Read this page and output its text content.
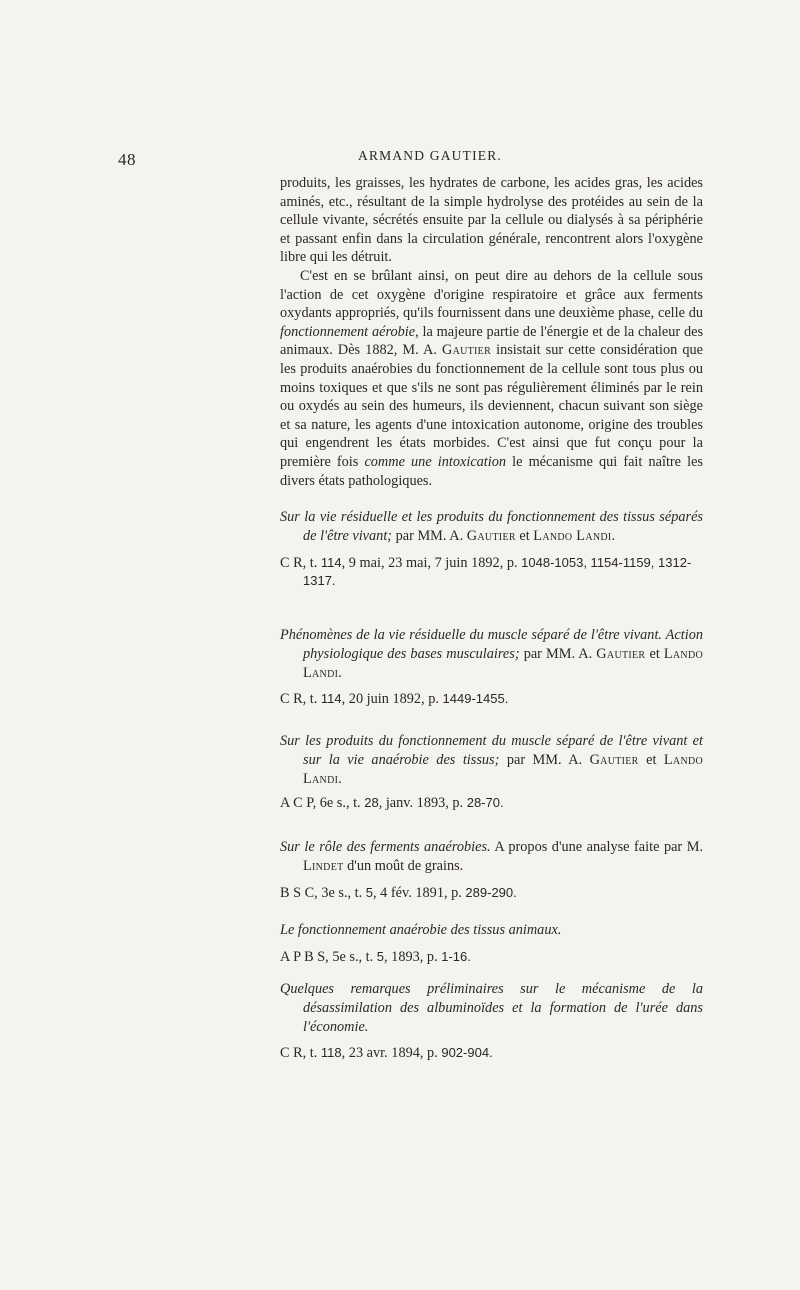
48	ARMAND GAUTIER.

produits, les graisses, les hydrates de carbone, les acides gras, les acides aminés, etc., résultant de la simple hydrolyse des protéides au sein de la cellule vivante, sécrétés ensuite par la cellule ou dialysés à sa périphérie et passant enfin dans la circulation générale, rencontrent alors l'oxygène libre qui les détruit.

C'est en se brûlant ainsi, on peut dire au dehors de la cellule sous l'action de cet oxygène d'origine respiratoire et grâce aux ferments oxydants appropriés, qu'ils fournissent dans une deuxième phase, celle du fonctionnement aérobie, la majeure partie de l'énergie et de la chaleur des animaux. Dès 1882, M. A. Gautier insistait sur cette considération que les produits anaérobies du fonctionnement de la cellule sont tous plus ou moins toxiques et que s'ils ne sont pas régulièrement éliminés par le rein ou oxydés au sein des humeurs, ils deviennent, chacun suivant son siège et sa nature, les agents d'une intoxication autonome, origine des troubles qui engendrent les états morbides. C'est ainsi que fut conçu pour la première fois comme une intoxication le mécanisme qui fait naître les divers états pathologiques.

Sur la vie résiduelle et les produits du fonctionnement des tissus séparés de l'être vivant; par MM. A. Gautier et Lando Landi.

C R, t. 114, 9 mai, 23 mai, 7 juin 1892, p. 1048-1053, 1154-1159, 1312-1317.

Phénomènes de la vie résiduelle du muscle séparé de l'être vivant. Action physiologique des bases musculaires; par MM. A. Gautier et Lando Landi.

C R, t. 114, 20 juin 1892, p. 1449-1455.

Sur les produits du fonctionnement du muscle séparé de l'être vivant et sur la vie anaérobie des tissus; par MM. A. Gautier et Lando Landi.

A C P, 6e s., t. 28, janv. 1893, p. 28-70.

Sur le rôle des ferments anaérobies. A propos d'une analyse faite par M. Lindet d'un moût de grains.

B S C, 3e s., t. 5, 4 fév. 1891, p. 289-290.

Le fonctionnement anaérobie des tissus animaux.

A P B S, 5e s., t. 5, 1893, p. 1-16.

Quelques remarques préliminaires sur le mécanisme de la désassimilation des albuminoïdes et la formation de l'urée dans l'économie.

C R, t. 118, 23 avr. 1894, p. 902-904.
